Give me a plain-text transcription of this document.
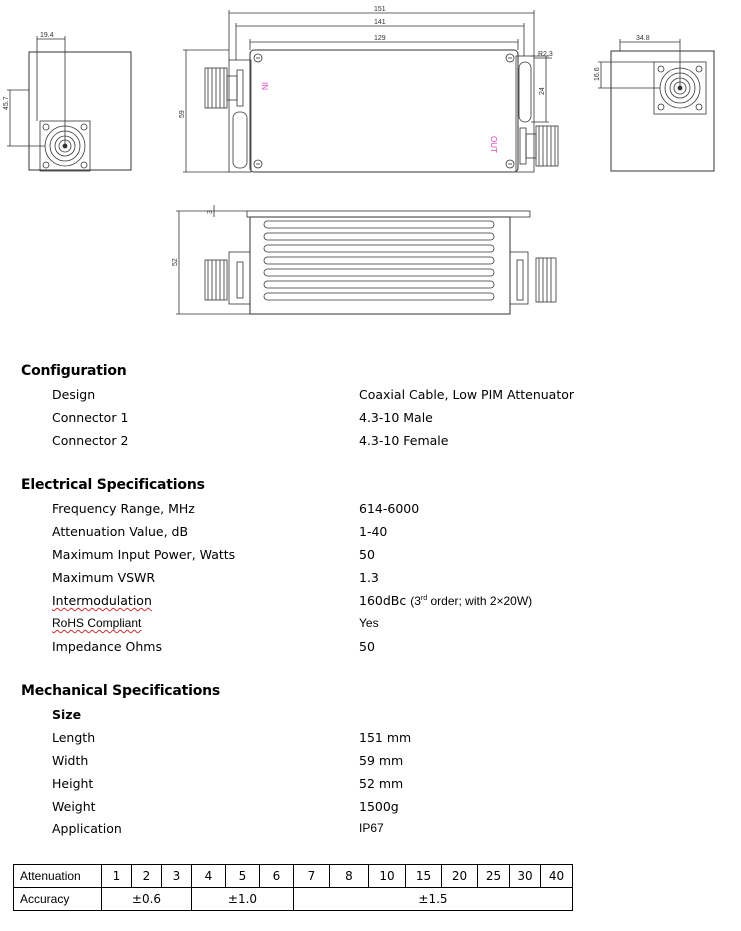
19.4
45.7
151
141
129
59
R2.3
24
IN
OUT
34.8
16.6
52
3
Configuration
Design	Coaxial Cable, Low PIM Attenuator
Connector 1	4.3-10 Male
Connector 2	4.3-10 Female
Electrical Specifications
Frequency Range, MHz	614-6000
Attenuation Value, dB	1-40
Maximum Input Power, Watts	50
Maximum VSWR	1.3
Intermodulation	160dBc (3rd order; with 2×20W)
RoHS Compliant	Yes
Impedance Ohms	50
Mechanical Specifications
Size
Length	151 mm
Width	59 mm
Height	52 mm
Weight	1500g
Application	IP67
Attenuation	1	2	3	4	5	6	7	8	10	15	20	25	30	40
Accuracy	±0.6			±1.0			±1.5							
